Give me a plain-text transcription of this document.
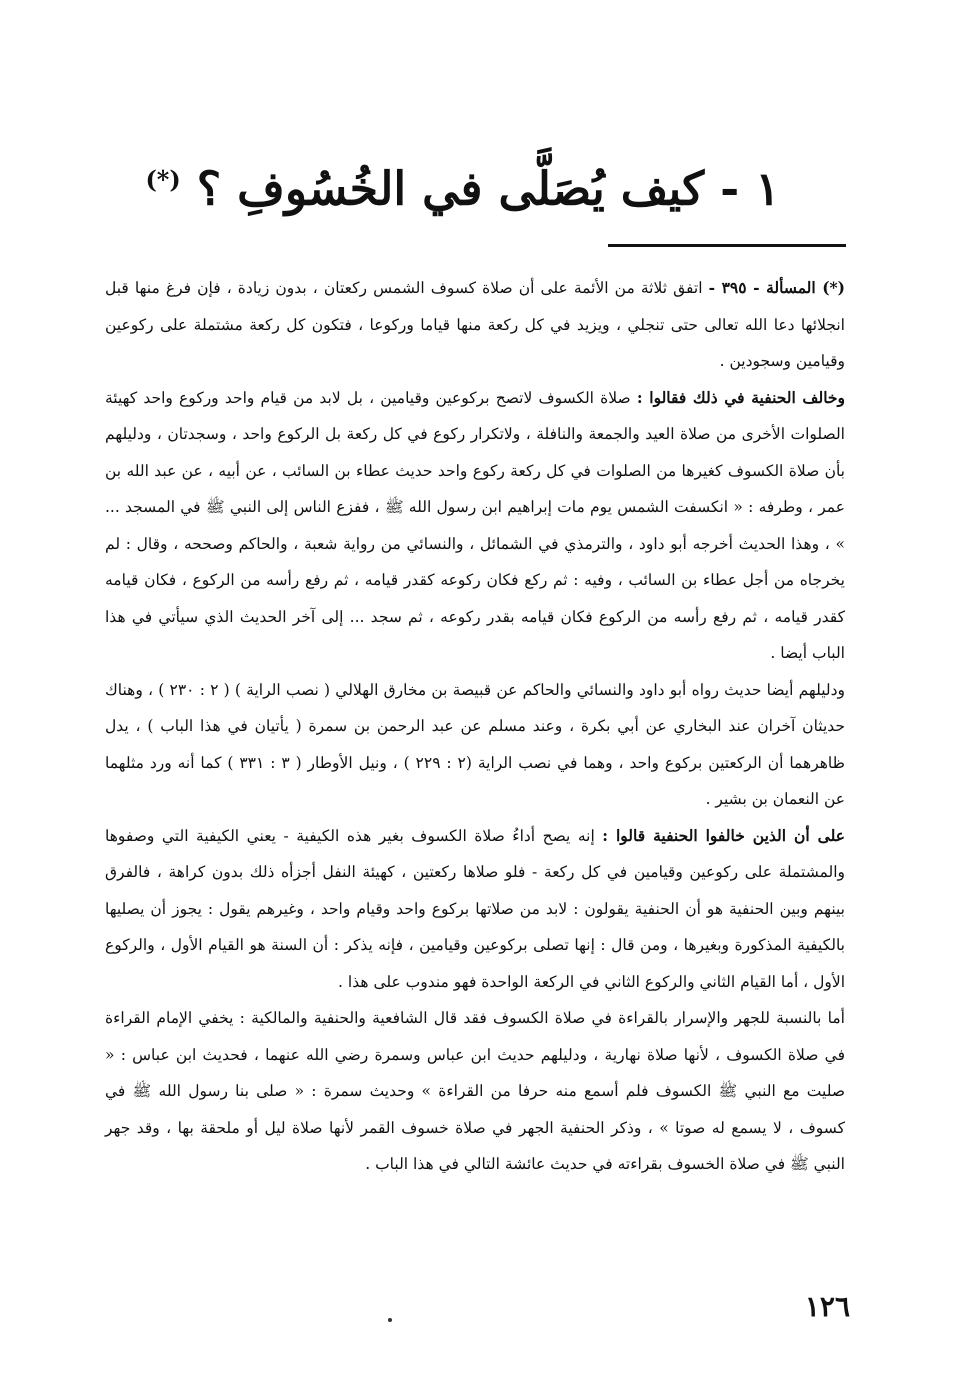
١ - كيف يُصَلَّى في الخُسُوفِ ؟ (*)

(*) المسألة - ٣٩٥ - اتفق ثلاثة من الأئمة على أن صلاة كسوف الشمس ركعتان ، بدون زيادة ، فإن فرغ منها قبل انجلائها دعا الله تعالى حتى تنجلي ، ويزيد في كل ركعة منها قياما وركوعا ، فتكون كل ركعة مشتملة على ركوعين وقيامين وسجودين .

وخالف الحنفية في ذلك فقالوا : صلاة الكسوف لاتصح بركوعين وقيامين ، بل لابد من قيام واحد وركوع واحد كهيئة الصلوات الأخرى من صلاة العيد والجمعة والنافلة ، ولاتكرار ركوع في كل ركعة بل الركوع واحد ، وسجدتان ، ودليلهم بأن صلاة الكسوف كغيرها من الصلوات في كل ركعة ركوع واحد حديث عطاء بن السائب ، عن أبيه ، عن عبد الله بن عمر ، وطرفه : « انكسفت الشمس يوم مات إبراهيم ابن رسول الله ﷺ ، ففزع الناس إلى النبي ﷺ في المسجد ... » ، وهذا الحديث أخرجه أبو داود ، والترمذي في الشمائل ، والنسائي من رواية شعبة ، والحاكم وصححه ، وقال : لم يخرجاه من أجل عطاء بن السائب ، وفيه : ثم ركع فكان ركوعه كقدر قيامه ، ثم رفع رأسه من الركوع ، فكان قيامه كقدر قيامه ، ثم رفع رأسه من الركوع فكان قيامه بقدر ركوعه ، ثم سجد ... إلى آخر الحديث الذي سيأتي في هذا الباب أيضا .

ودليلهم أيضا حديث رواه أبو داود والنسائي والحاكم عن قبيصة بن مخارق الهلالي ( نصب الراية ) ( ٢ : ٢٣٠ ) ، وهناك حديثان آخران عند البخاري عن أبي بكرة ، وعند مسلم عن عبد الرحمن بن سمرة ( يأتيان في هذا الباب ) ، يدل ظاهرهما أن الركعتين بركوع واحد ، وهما في نصب الراية (٢ : ٢٢٩ ) ، ونيل الأوطار ( ٣ : ٣٣١ ) كما أنه ورد مثلهما عن النعمان بن بشير .

على أن الذين خالفوا الحنفية قالوا : إنه يصح أداءُ صلاة الكسوف بغير هذه الكيفية - يعني الكيفية التي وصفوها والمشتملة على ركوعين وقيامين في كل ركعة - فلو صلاها ركعتين ، كهيئة النفل أجزأه ذلك بدون كراهة ، فالفرق بينهم وبين الحنفية هو أن الحنفية يقولون : لابد من صلاتها بركوع واحد وقيام واحد ، وغيرهم يقول : يجوز أن يصليها بالكيفية المذكورة وبغيرها ، ومن قال : إنها تصلى بركوعين وقيامين ، فإنه يذكر : أن السنة هو القيام الأول ، والركوع الأول ، أما القيام الثاني والركوع الثاني في الركعة الواحدة فهو مندوب على هذا .

أما بالنسبة للجهر والإسرار بالقراءة في صلاة الكسوف فقد قال الشافعية والحنفية والمالكية : يخفي الإمام القراءة في صلاة الكسوف ، لأنها صلاة نهارية ، ودليلهم حديث ابن عباس وسمرة رضي الله عنهما ، فحديث ابن عباس : « صليت مع النبي ﷺ الكسوف فلم أسمع منه حرفا من القراءة » وحديث سمرة : « صلى بنا رسول الله ﷺ في كسوف ، لا يسمع له صوتا » ، وذكر الحنفية الجهر في صلاة خسوف القمر لأنها صلاة ليل أو ملحقة بها ، وقد جهر النبي ﷺ في صلاة الخسوف بقراءته في حديث عائشة التالي في هذا الباب .

١٢٦
